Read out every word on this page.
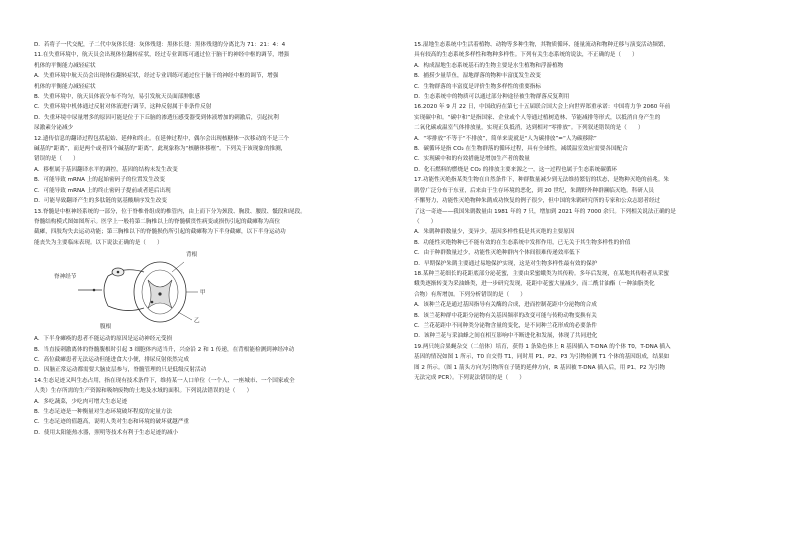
D．若将子一代交配，子二代中灰体长翅：灰体残翅：黑体长翅：黑体残翅的分离比为 71：21：4：4
11.在失重环境中，航天员会出现体位翻转症状，经过专业训练可通过位于脑干的神经中枢的调节，增强
机体的平衡能力减轻症状
A．失重环境中航天员会出现体位翻转症状，经过专业训练可通过位于脑干的神经中枢的调节，增强
机体的平衡能力减轻症状
B．失重环境中，航天员体液分布不均匀，易引发航天员面部肿胀感
C．失重环境中机体通过反射对体液进行调节，这种反射属于非条件反射
D．失重环境中尿量增多的原因可能是位于下丘脑的渗透压感受器受到体液增加的刺激后，引起抗利
尿激素分泌减少
12.遗传信息的翻译过程包括起始、延伸和终止。在延伸过程中，偶尔会出现核糖体一次移动的不是三个
碱基的“距离”，而是两个或者四个碱基的“距离”，此现象称为“核糖体移框”。下列关于该现象的推测，
错误的是（　　）
A．移框属于基因翻译水平的调控，基因的结构未发生改变
B．可能导致 mRNA 上的起始密码子的位置发生改变
C．可能导致 mRNA 上的终止密码子提前或者延后出现
D．可能导致翻译产生的多肽链的氨基酸顺序发生改变
13.脊髓是中枢神经系统的一部分，位于脊椎骨组成的椎管内，由上而下分为颈段、胸段、腰段、骶段和尾段。
脊髓结构模式图如图所示。医学上一般将第二胸椎以上的脊髓横贯性病变或损伤引起的截瘫称为高位
截瘫，四肢均失去运动功能；第三胸椎以下的脊髓损伤所引起的截瘫称为下半身截瘫，以下半身运动功
能丧失为主要临床表现。以下说法正确的是（　　）
背根
脊神经节
甲
乙
腹根
A．下半身瘫痪的患者不能运动的原因是运动神经元受损
B．当直接刺激离体的脊髓腹根时引起 3 细胞体内适当升，兴奋沿 2 和 1 传递，在背根能检测到神经冲动
C．高位截瘫患者无法运动但能进食大小便，排尿反射依然完成
D．因脑正常运动都需要大脑皮层参与，脊髓管理的只是低级反射活动
14.生态足迹又叫生态占用，指在现有技术条件下，维持某一人口单位（一个人、一座城市、一个国家或全
人类）生存所需的生产资源和吸纳废物的土地及水域的面积。下列说法错误的是（　　）
A．多吃蔬菜，少吃肉可增大生态足迹
B．生态足迹是一种衡量对生态环境破坏程度的定量方法
C．生态足迹的值越高，说明人类对生态和环境的破坏就越严重
D．使用太阳能热水器，照明等技术有利于生态足迹的减小
15.湿地生态系统中生活着植物、动物等多种生物，其物质循环、能量流动和物种迁移与演变活动频繁，
具有较高的生态系统多样性和物种多样性。下列有关生态系统的说法，不正确的是（　　）
A．构成湿地生态系统基石的生物主要是水生植物和浮游植物
B．捕捞少量草鱼，湿地群落的物种丰富度发生改变
C．生物群落的丰富度是评价生物多样性的重要指标
D．生态系统中的物质可以通过部分种途径被生物群落反复利用
16.2020 年 9 月 22 日，中国政府在第七十五届联合国大会上向世界郑重承诺：中国将力争 2060 年前
实现碳中和。“碳中和”是指国家、企业或个人等通过植树造林、节能减排等形式，以抵消自身产生的
二氧化碳或温室气体排放量，实现正负抵消，达到相对“零排放”。下列叙述错误的是（　　）
A．“零排放”不等于“不排放”，简单来说就是“人为碳排放”=“人为碳移除”
B．碳循环是指 CO₂ 在生物群落的循环过程，具有全球性，减缓温室效应需要各国配合
C．实现碳中和的有效措施是增加生产者的数量
D．化石燃料的燃烧是 CO₂ 的排放主要来源之一，这一过程也属于生态系统碳循环
17.功能性灭绝指某类生物在自然条件下，种群数量减少到无法维持繁衍的状态，是物种灭绝的前兆。朱
鹮曾广泛分布于东亚，后来由于生存环境的恶化，到 20 世纪，朱鹮野外种群濒临灭绝。科研人员
不懈努力，功能性灭绝物种朱鹮成功恢复的例子很少，但中国的朱鹮研究所的专家和公众志愿者经过
了这一奇迹——我国朱鹮数量由 1981 年的 7 只，增加到 2021 年的 7000 余只。下列相关说法正确的是
（　　）
A．朱鹮种群数量少，变异少，基因多样性低是其灭绝的主要原因
B．功能性灭绝物种已不能有效的在生态系统中发挥作用，已无关于其生物多样性的价值
C．由于种群数量过少，功能性灭绝种群内个体间很难传递效率低下
D．早期保护朱鹮主要通过易地保护实现，这是对生物多样性最有效的保护
18.某种兰花细长的花距底部分泌花蜜，主要由采蜜蛾类为其传粉。多年后发现，在某地其传粉者从采蜜
蛾类逐渐转变为采油蜂类，进一步研究发现，花距中花蜜大量减少，而二酰甘油酯（一种油脂类化
合物）有所增加。下列分析错误的是（　　）
A．该种兰花是通过基因指导有关酶的合成，进而控制花距中分泌物的合成
B．该兰花种群中花距分泌物有关基因频率的改变可能与传粉动物变换有关
C．兰花花距中不同种类分泌物含量的变化，是不同种兰花形成的必要条件
D．该种兰花与采油蜂之间在相互影响中不断进化和发展，体现了共同进化
19.两只纯合果蝇杂交（二倍体）培育，获得 1 条染色体上 R 基因插入 T-DNA 的个体 T0，T-DNA 插入
基因的情况如图 1 所示，T0 自交得 T1，同时用 P1、P2、P3 为引物检测 T1 个体的基因组成，结果如
图 2 所示。（图 1 箭头方向为引物所在子链的延伸方向，R 基因被 T-DNA 插入后，用 P1、P2 为引物
无法完成 PCR）。下列说法错误的是（　　）
